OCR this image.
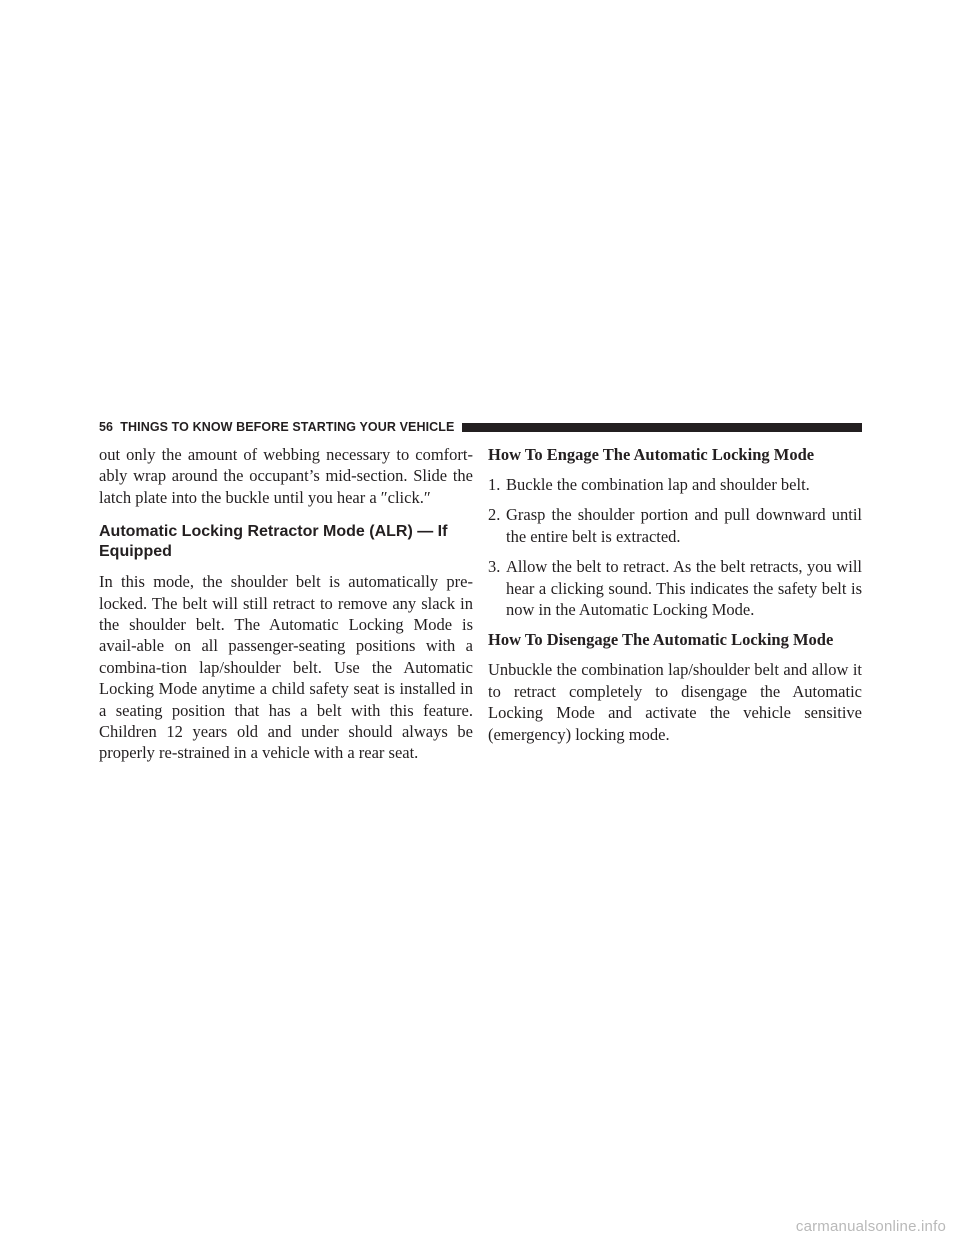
56 THINGS TO KNOW BEFORE STARTING YOUR VEHICLE

out only the amount of webbing necessary to comfort-ably wrap around the occupant’s mid-section. Slide the latch plate into the buckle until you hear a ″click.″

Automatic Locking Retractor Mode (ALR) — If Equipped

In this mode, the shoulder belt is automatically pre-locked. The belt will still retract to remove any slack in the shoulder belt. The Automatic Locking Mode is avail-able on all passenger-seating positions with a combina-tion lap/shoulder belt. Use the Automatic Locking Mode anytime a child safety seat is installed in a seating position that has a belt with this feature. Children 12 years old and under should always be properly re-strained in a vehicle with a rear seat.

How To Engage The Automatic Locking Mode
1. Buckle the combination lap and shoulder belt.
2. Grasp the shoulder portion and pull downward until the entire belt is extracted.
3. Allow the belt to retract. As the belt retracts, you will hear a clicking sound. This indicates the safety belt is now in the Automatic Locking Mode.
How To Disengage The Automatic Locking Mode

Unbuckle the combination lap/shoulder belt and allow it to retract completely to disengage the Automatic Locking Mode and activate the vehicle sensitive (emergency) locking mode.

carmanualsonline.info
